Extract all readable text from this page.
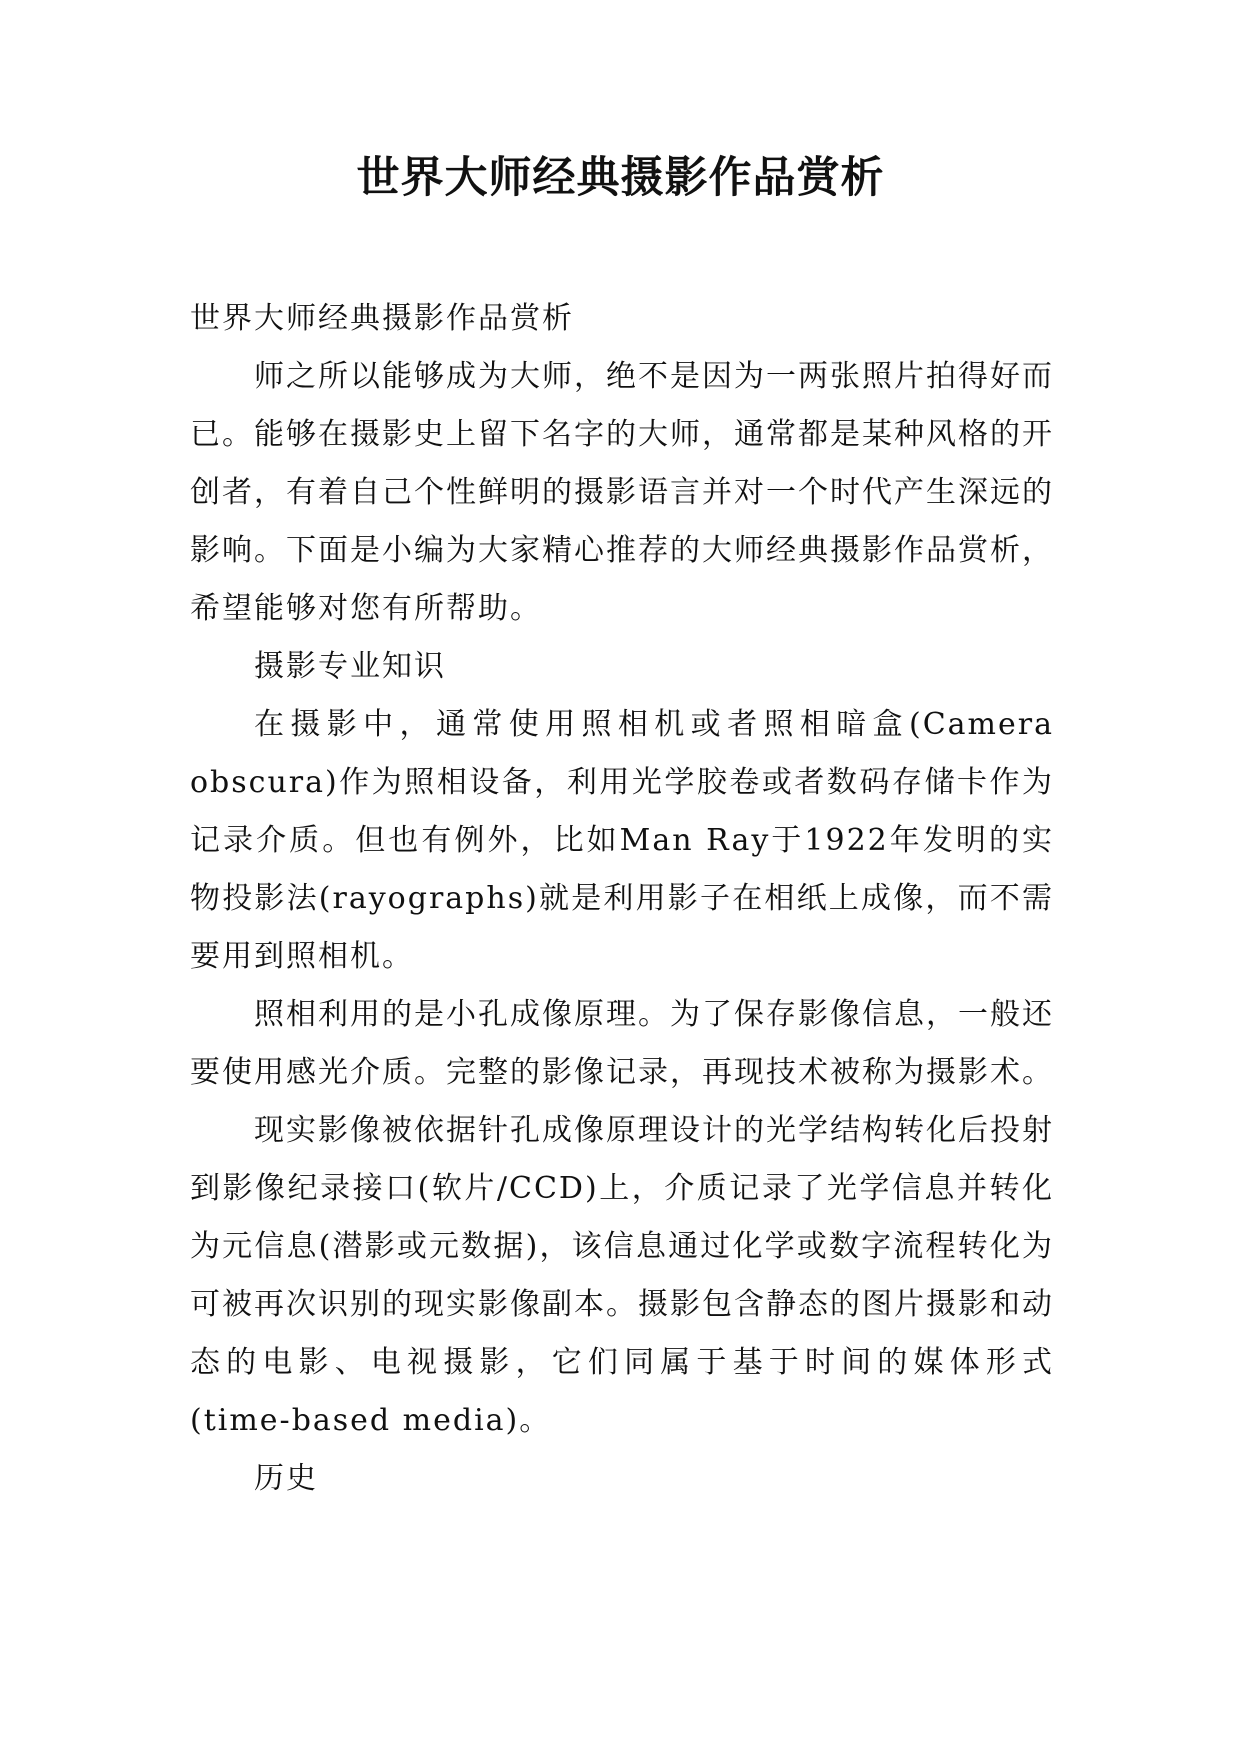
世界大师经典摄影作品赏析

世界大师经典摄影作品赏析

师之所以能够成为大师，绝不是因为一两张照片拍得好而已。能够在摄影史上留下名字的大师，通常都是某种风格的开创者，有着自己个性鲜明的摄影语言并对一个时代产生深远的影响。下面是小编为大家精心推荐的大师经典摄影作品赏析，希望能够对您有所帮助。

摄影专业知识

在摄影中，通常使用照相机或者照相暗盒(Camera obscura)作为照相设备，利用光学胶卷或者数码存储卡作为记录介质。但也有例外，比如Man Ray于1922年发明的实物投影法(rayographs)就是利用影子在相纸上成像，而不需要用到照相机。

照相利用的是小孔成像原理。为了保存影像信息，一般还要使用感光介质。完整的影像记录，再现技术被称为摄影术。

现实影像被依据针孔成像原理设计的光学结构转化后投射到影像纪录接口(软片/CCD)上，介质记录了光学信息并转化为元信息(潜影或元数据)，该信息通过化学或数字流程转化为可被再次识别的现实影像副本。摄影包含静态的图片摄影和动态的电影、电视摄影，它们同属于基于时间的媒体形式(time-based media)。

历史
